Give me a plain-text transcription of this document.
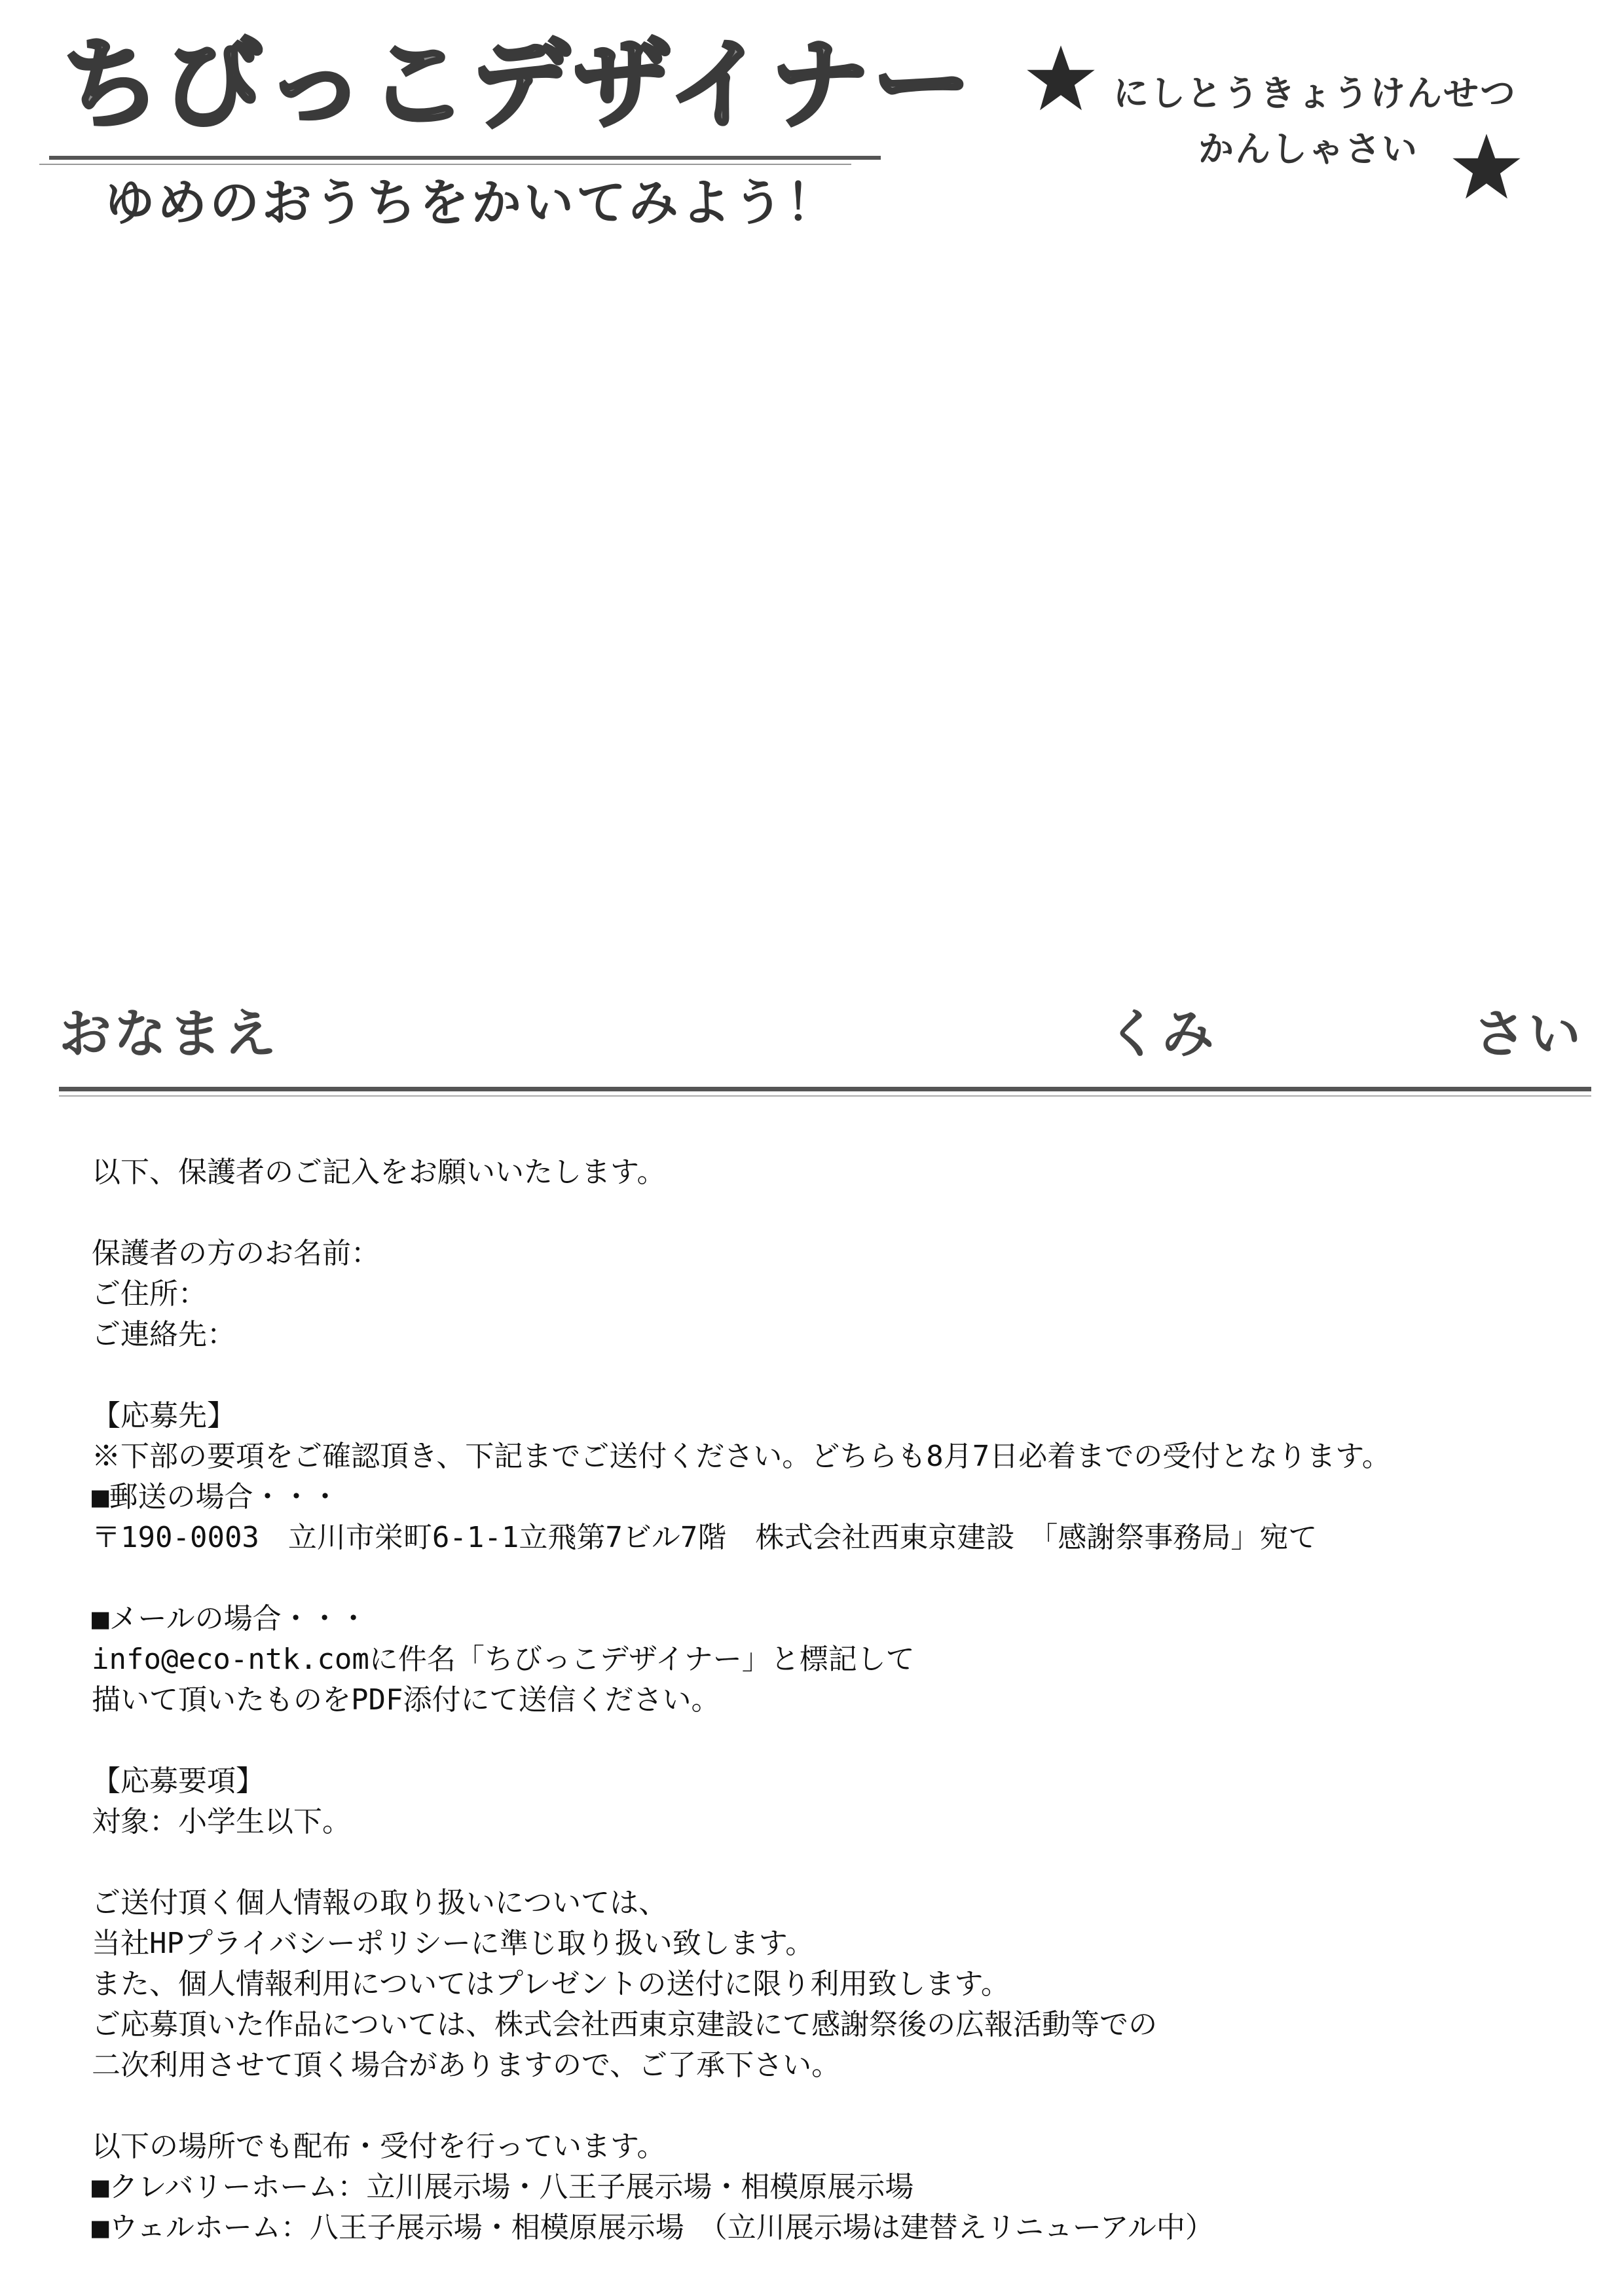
ちびっこデザイナー
ゆめのおうちをかいてみよう！
にしとうきょうけんせつ
かんしゃさい
おなまえ	くみ	さい
以下、保護者のご記入をお願いいたします。
保護者の方のお名前：
ご住所：
ご連絡先：
【応募先】
※下部の要項をご確認頂き、下記までご送付ください。どちらも8月7日必着までの受付となります。
■郵送の場合・・・
〒190-0003　立川市栄町6-1-1立飛第7ビル7階　株式会社西東京建設　「感謝祭事務局」宛て
■メールの場合・・・
info@eco-ntk.comに件名「ちびっこデザイナー」と標記して
描いて頂いたものをPDF添付にて送信ください。
【応募要項】
対象：小学生以下。
ご送付頂く個人情報の取り扱いについては、
当社HPプライバシーポリシーに準じ取り扱い致します。
また、個人情報利用についてはプレゼントの送付に限り利用致します。
ご応募頂いた作品については、株式会社西東京建設にて感謝祭後の広報活動等での
二次利用させて頂く場合がありますので、ご了承下さい。
以下の場所でも配布・受付を行っています。
■クレバリーホーム：立川展示場・八王子展示場・相模原展示場
■ウェルホーム：八王子展示場・相模原展示場　（立川展示場は建替えリニューアル中）
